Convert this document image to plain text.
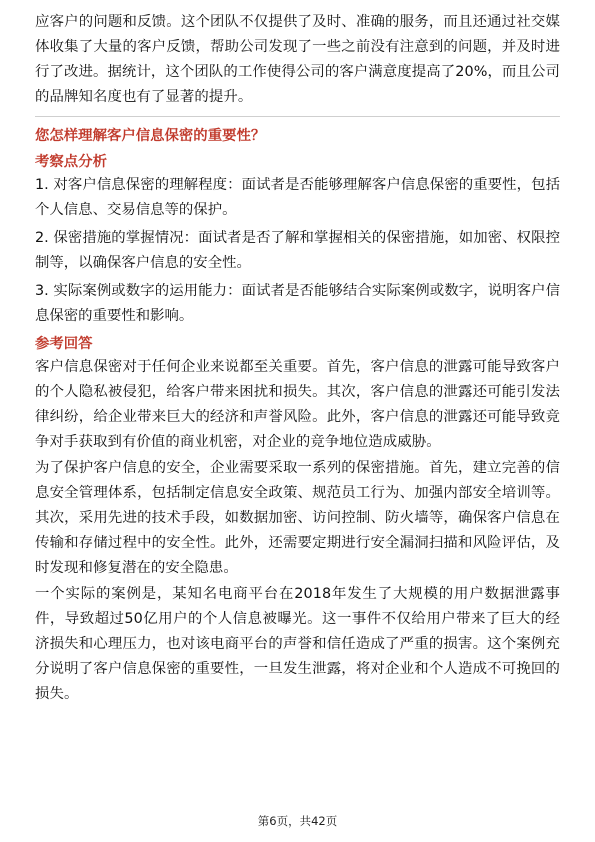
应客户的问题和反馈。这个团队不仅提供了及时、准确的服务，而且还通过社交媒体收集了大量的客户反馈，帮助公司发现了一些之前没有注意到的问题，并及时进行了改进。据统计，这个团队的工作使得公司的客户满意度提高了20%，而且公司的品牌知名度也有了显著的提升。

您怎样理解客户信息保密的重要性？
考察点分析

1. 对客户信息保密的理解程度：面试者是否能够理解客户信息保密的重要性，包括个人信息、交易信息等的保护。

2. 保密措施的掌握情况：面试者是否了解和掌握相关的保密措施，如加密、权限控制等，以确保客户信息的安全性。

3. 实际案例或数字的运用能力：面试者是否能够结合实际案例或数字，说明客户信息保密的重要性和影响。

参考回答

客户信息保密对于任何企业来说都至关重要。首先，客户信息的泄露可能导致客户的个人隐私被侵犯，给客户带来困扰和损失。其次，客户信息的泄露还可能引发法律纠纷，给企业带来巨大的经济和声誉风险。此外，客户信息的泄露还可能导致竞争对手获取到有价值的商业机密，对企业的竞争地位造成威胁。

为了保护客户信息的安全，企业需要采取一系列的保密措施。首先，建立完善的信息安全管理体系，包括制定信息安全政策、规范员工行为、加强内部安全培训等。其次，采用先进的技术手段，如数据加密、访问控制、防火墙等，确保客户信息在传输和存储过程中的安全性。此外，还需要定期进行安全漏洞扫描和风险评估，及时发现和修复潜在的安全隐患。

一个实际的案例是，某知名电商平台在2018年发生了大规模的用户数据泄露事件，导致超过50亿用户的个人信息被曝光。这一事件不仅给用户带来了巨大的经济损失和心理压力，也对该电商平台的声誉和信任造成了严重的损害。这个案例充分说明了客户信息保密的重要性，一旦发生泄露，将对企业和个人造成不可挽回的损失。

第6页，共42页
